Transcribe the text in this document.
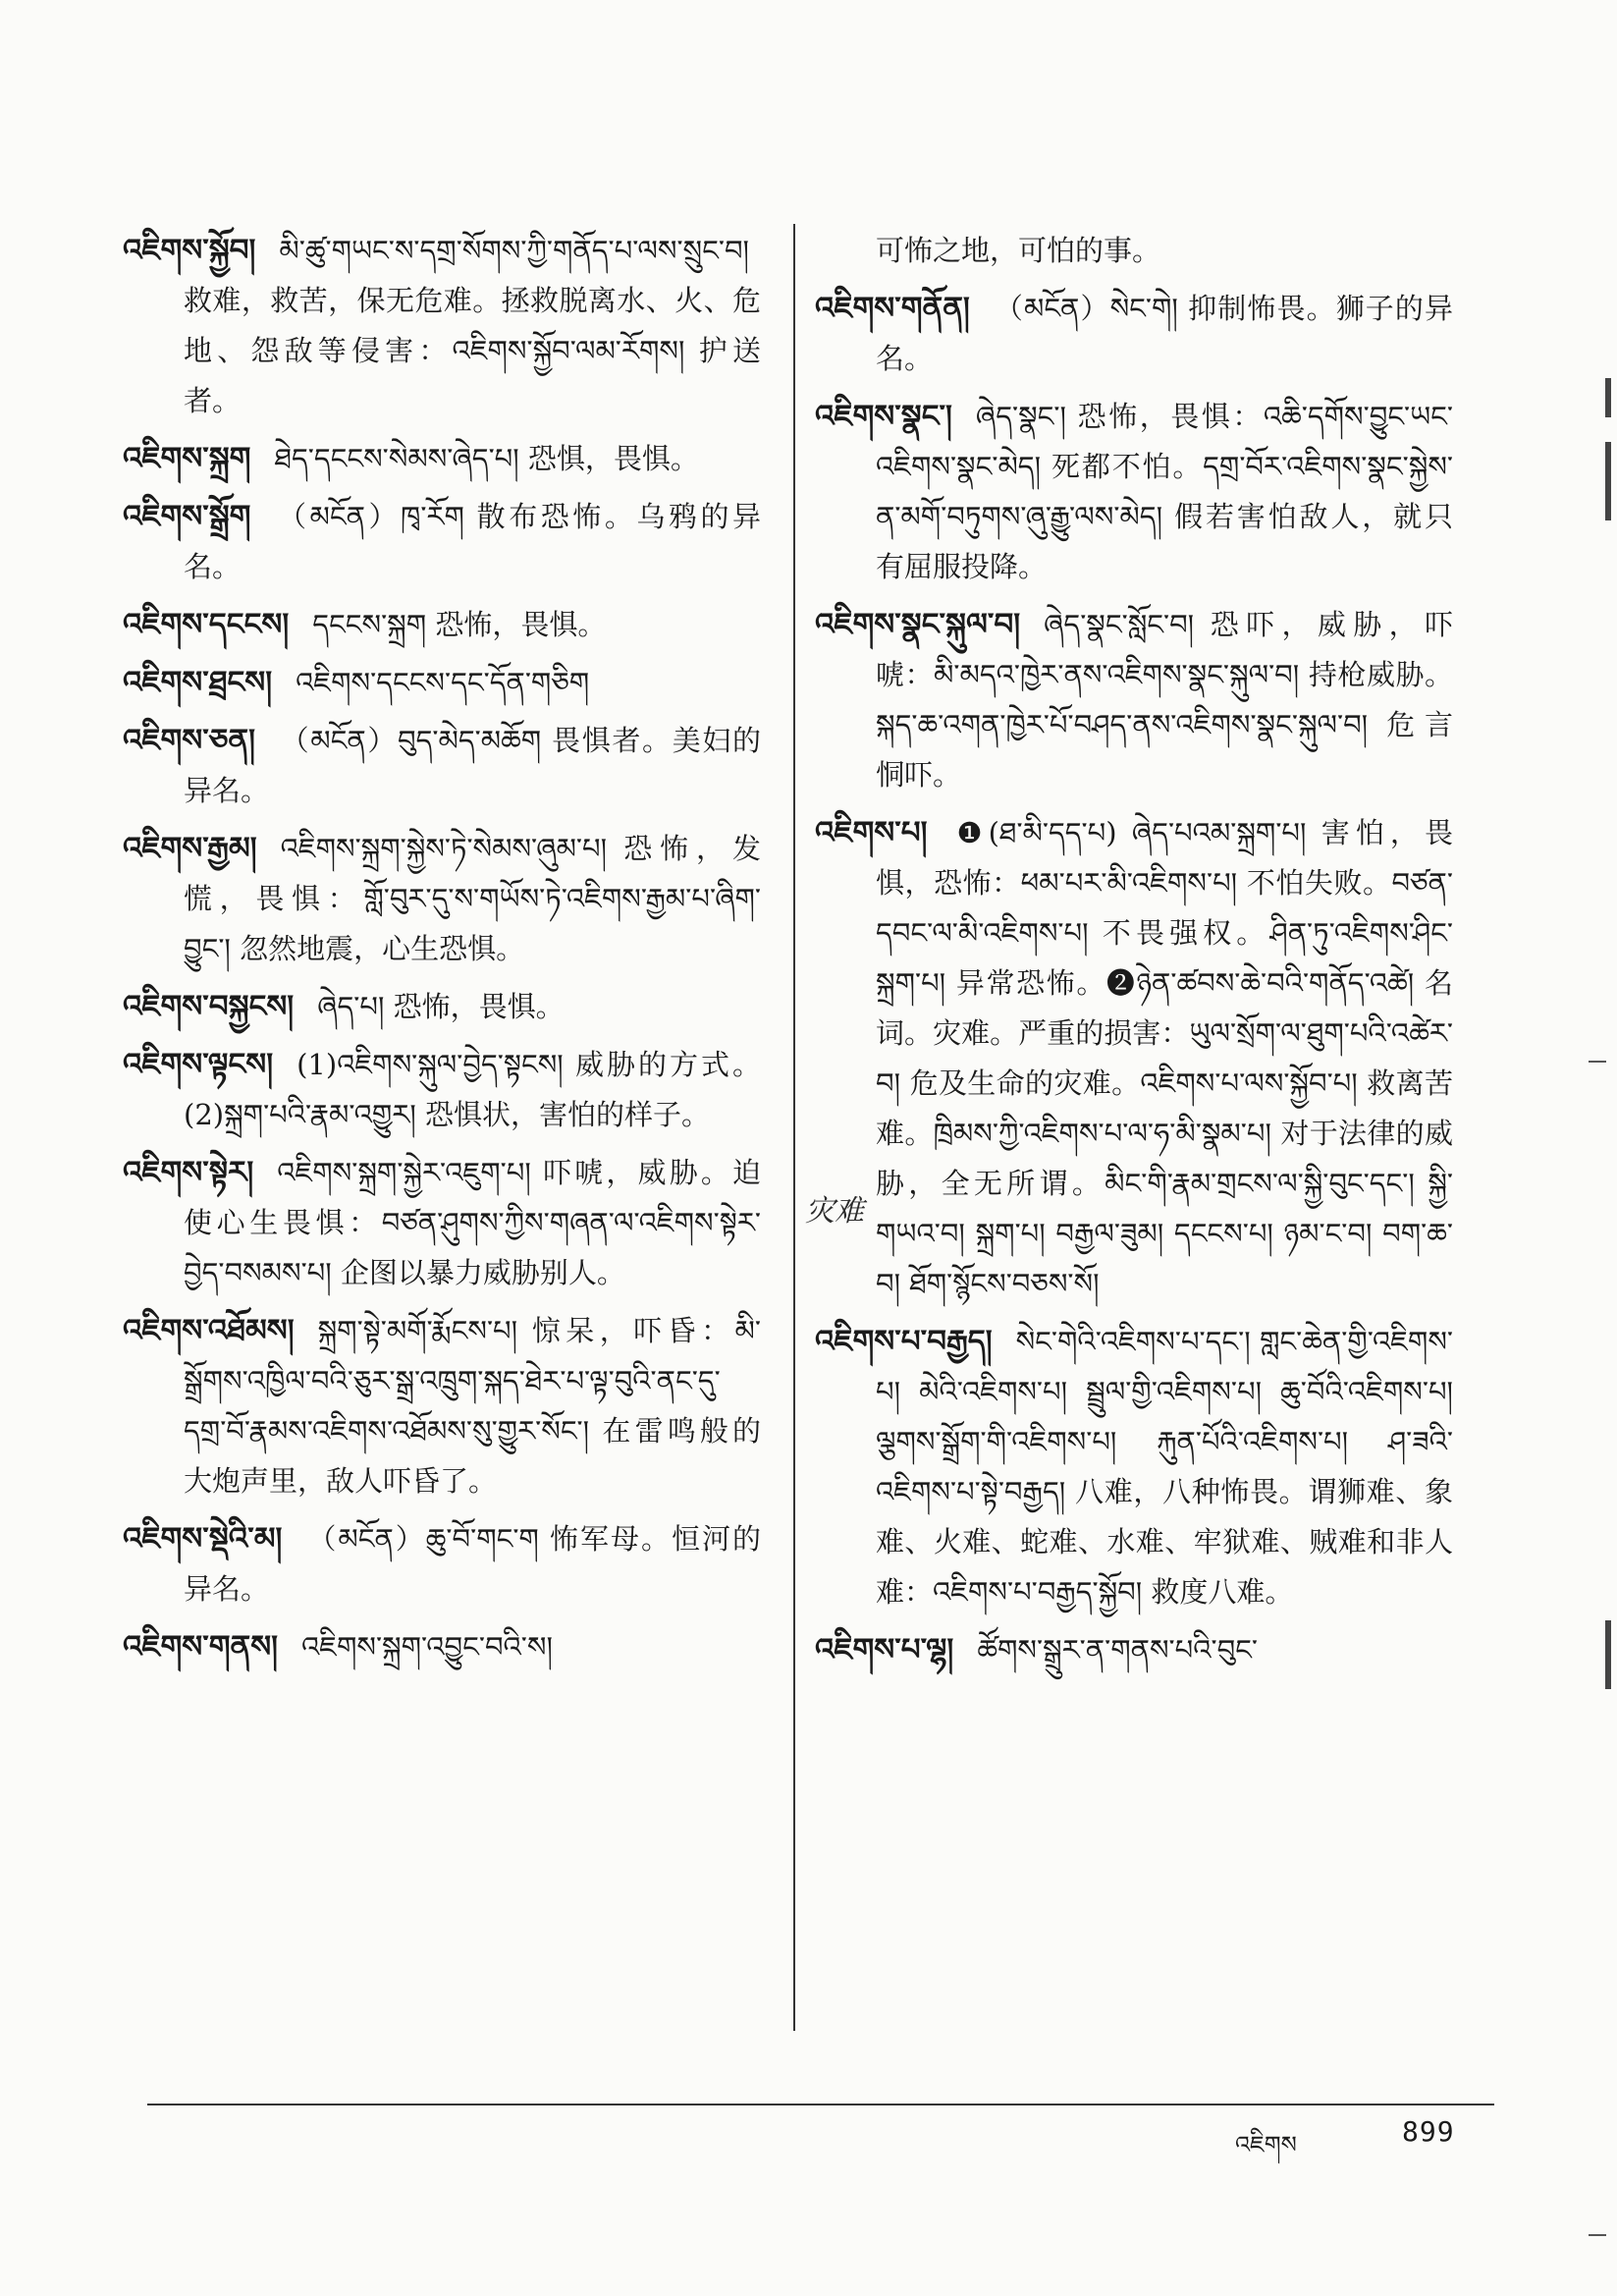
འཇིགས་སྐྱོབ། མི་ཚུ་གཡང་ས་དགྲ་སོགས་ཀྱི་གནོད་པ་ལས་སྲུང་བ། 救难，救苦，保无危难。拯救脱离水、火、危地、怨敌等侵害：འཇིགས་སྐྱོབ་ལམ་རོགས། 护送者。
འཇིགས་སྐྲག ཐེད་དངངས་སེམས་ཞེད་པ། 恐惧，畏惧。
འཇིགས་སྒྲོག （མངོན）ཁྭ་རོག 散布恐怖。乌鸦的异名。
འཇིགས་དངངས། དངངས་སྐྲག 恐怖，畏惧。
འཇིགས་ཐྲངས། འཇིགས་དངངས་དང་དོན་གཅིག
འཇིགས་ཅན། （མངོན）བུད་མེད་མཆོག 畏惧者。美妇的异名。
འཇིགས་རྒྱམ། འཇིགས་སྐྲག་སྐྱེས་ཏེ་སེམས་ཞུམ་པ། 恐怖，发慌，畏惧：གློ་བུར་དུ་ས་གཡོས་ཏེ་འཇིགས་རྒྱམ་པ་ཞིག་བྱུང་། 忽然地震，心生恐惧。
འཇིགས་བསྐྱངས། ཞེད་པ། 恐怖，畏惧。
འཇིགས་ལྟངས། (1)འཇིགས་སྐུལ་བྱེད་སྟངས། 威胁的方式。(2)སྐྲག་པའི་རྣམ་འགྱུར། 恐惧状，害怕的样子。
འཇིགས་སྟེར། འཇིགས་སྐྲག་སྐྱེར་འཇུག་པ། 吓唬，威胁。迫使心生畏惧：བཙན་ཤུགས་ཀྱིས་གཞན་ལ་འཇིགས་སྟེར་བྱེད་བསམས་པ། 企图以暴力威胁别人。
འཇིགས་འཐོམས། སྐྲག་སྟེ་མགོ་རྨོངས་པ། 惊呆，吓昏：མི་སྒྲོགས་འཁྱིལ་བའི་ཅུར་སྒྲ་འཁྲུག་སྐད་ཐེར་པ་ལྟ་བུའི་ནང་དུ་དགྲ་བོ་རྣམས་འཇིགས་འཐོམས་སུ་གྱུར་སོང་། 在雷鸣般的大炮声里，敌人吓昏了。
འཇིགས་སྡེའི་མ། （མངོན）ཆུ་བོ་གང་ག 怖军母。恒河的异名。
འཇིགས་གནས། འཇིགས་སྐྲག་འབྱུང་བའི་ས།
可怖之地，可怕的事。
འཇིགས་གནོན། （མངོན）སེང་གེ། 抑制怖畏。狮子的异名。
འཇིགས་སྣང་། ཞེད་སྣང་། 恐怖，畏惧：འཆི་དགོས་བྱུང་ཡང་འཇིགས་སྣང་མེད། 死都不怕。དགྲ་བོར་འཇིགས་སྣང་སྐྱེས་ན་མགོ་བཏུགས་ཞུ་རྒྱུ་ལས་མེད། 假若害怕敌人，就只有屈服投降。
འཇིགས་སྣང་སྐུལ་བ། ཞེད་སྣང་སློང་བ། 恐吓，威胁，吓唬：མི་མདའ་ཁྱེར་ནས་འཇིགས་སྣང་སྐུལ་བ། 持枪威胁。སྐད་ཆ་འགན་ཁྱེར་པོ་བཤད་ནས་འཇིགས་སྣང་སྐུལ་བ། 危言恫吓。
འཇིགས་པ། ❶(ཐ་མི་དད་པ) ཞེད་པའམ་སྐྲག་པ། 害怕，畏惧，恐怖：ཕམ་པར་མི་འཇིགས་པ། 不怕失败。བཙན་དབང་ལ་མི་འཇིགས་པ། 不畏强权。ཤིན་ཏུ་འཇིགས་ཤིང་སྐྲག་པ། 异常恐怖。❷ཉེན་ཚབས་ཆེ་བའི་གནོད་འཚེ། 名词。灾难。严重的损害：ཡུལ་སྲོག་ལ་ཐུག་པའི་འཚེར་བ། 危及生命的灾难。འཇིགས་པ་ལས་སྐྱོབ་པ། 救离苦难。ཁྲིམས་ཀྱི་འཇིགས་པ་ལ་ཧ་མི་སྣམ་པ། 对于法律的威胁，全无所谓。མིང་གི་རྣམ་གྲངས་ལ་སྐྱི་བུང་དང་། སྐྱི་གཡའ་བ། སྐྲག་པ། བརྒྱལ་ཟུམ། དངངས་པ། ཉམ་ང་བ། བག་ཆ་བ། ཐོག་སྙོངས་བཅས་སོ།
འཇིགས་པ་བརྒྱད། སེང་གེའི་འཇིགས་པ་དང་། གླང་ཆེན་གྱི་འཇིགས་པ། མེའི་འཇིགས་པ། སྦྲུལ་གྱི་འཇིགས་པ། ཆུ་བོའི་འཇིགས་པ། ལྕགས་སྒྲོག་གི་འཇིགས་པ། རྐུན་པོའི་འཇིགས་པ། ཤ་ཟའི་འཇིགས་པ་སྟེ་བརྒྱད། 八难，八种怖畏。谓狮难、象难、火难、蛇难、水难、牢狱难、贼难和非人难：འཇིགས་པ་བརྒྱད་སྐྱོབ། 救度八难。
འཇིགས་པ་ལྷ། ཚོགས་སྒྲུར་ན་གནས་པའི་བུང་
灾难
འཇིགས	899
